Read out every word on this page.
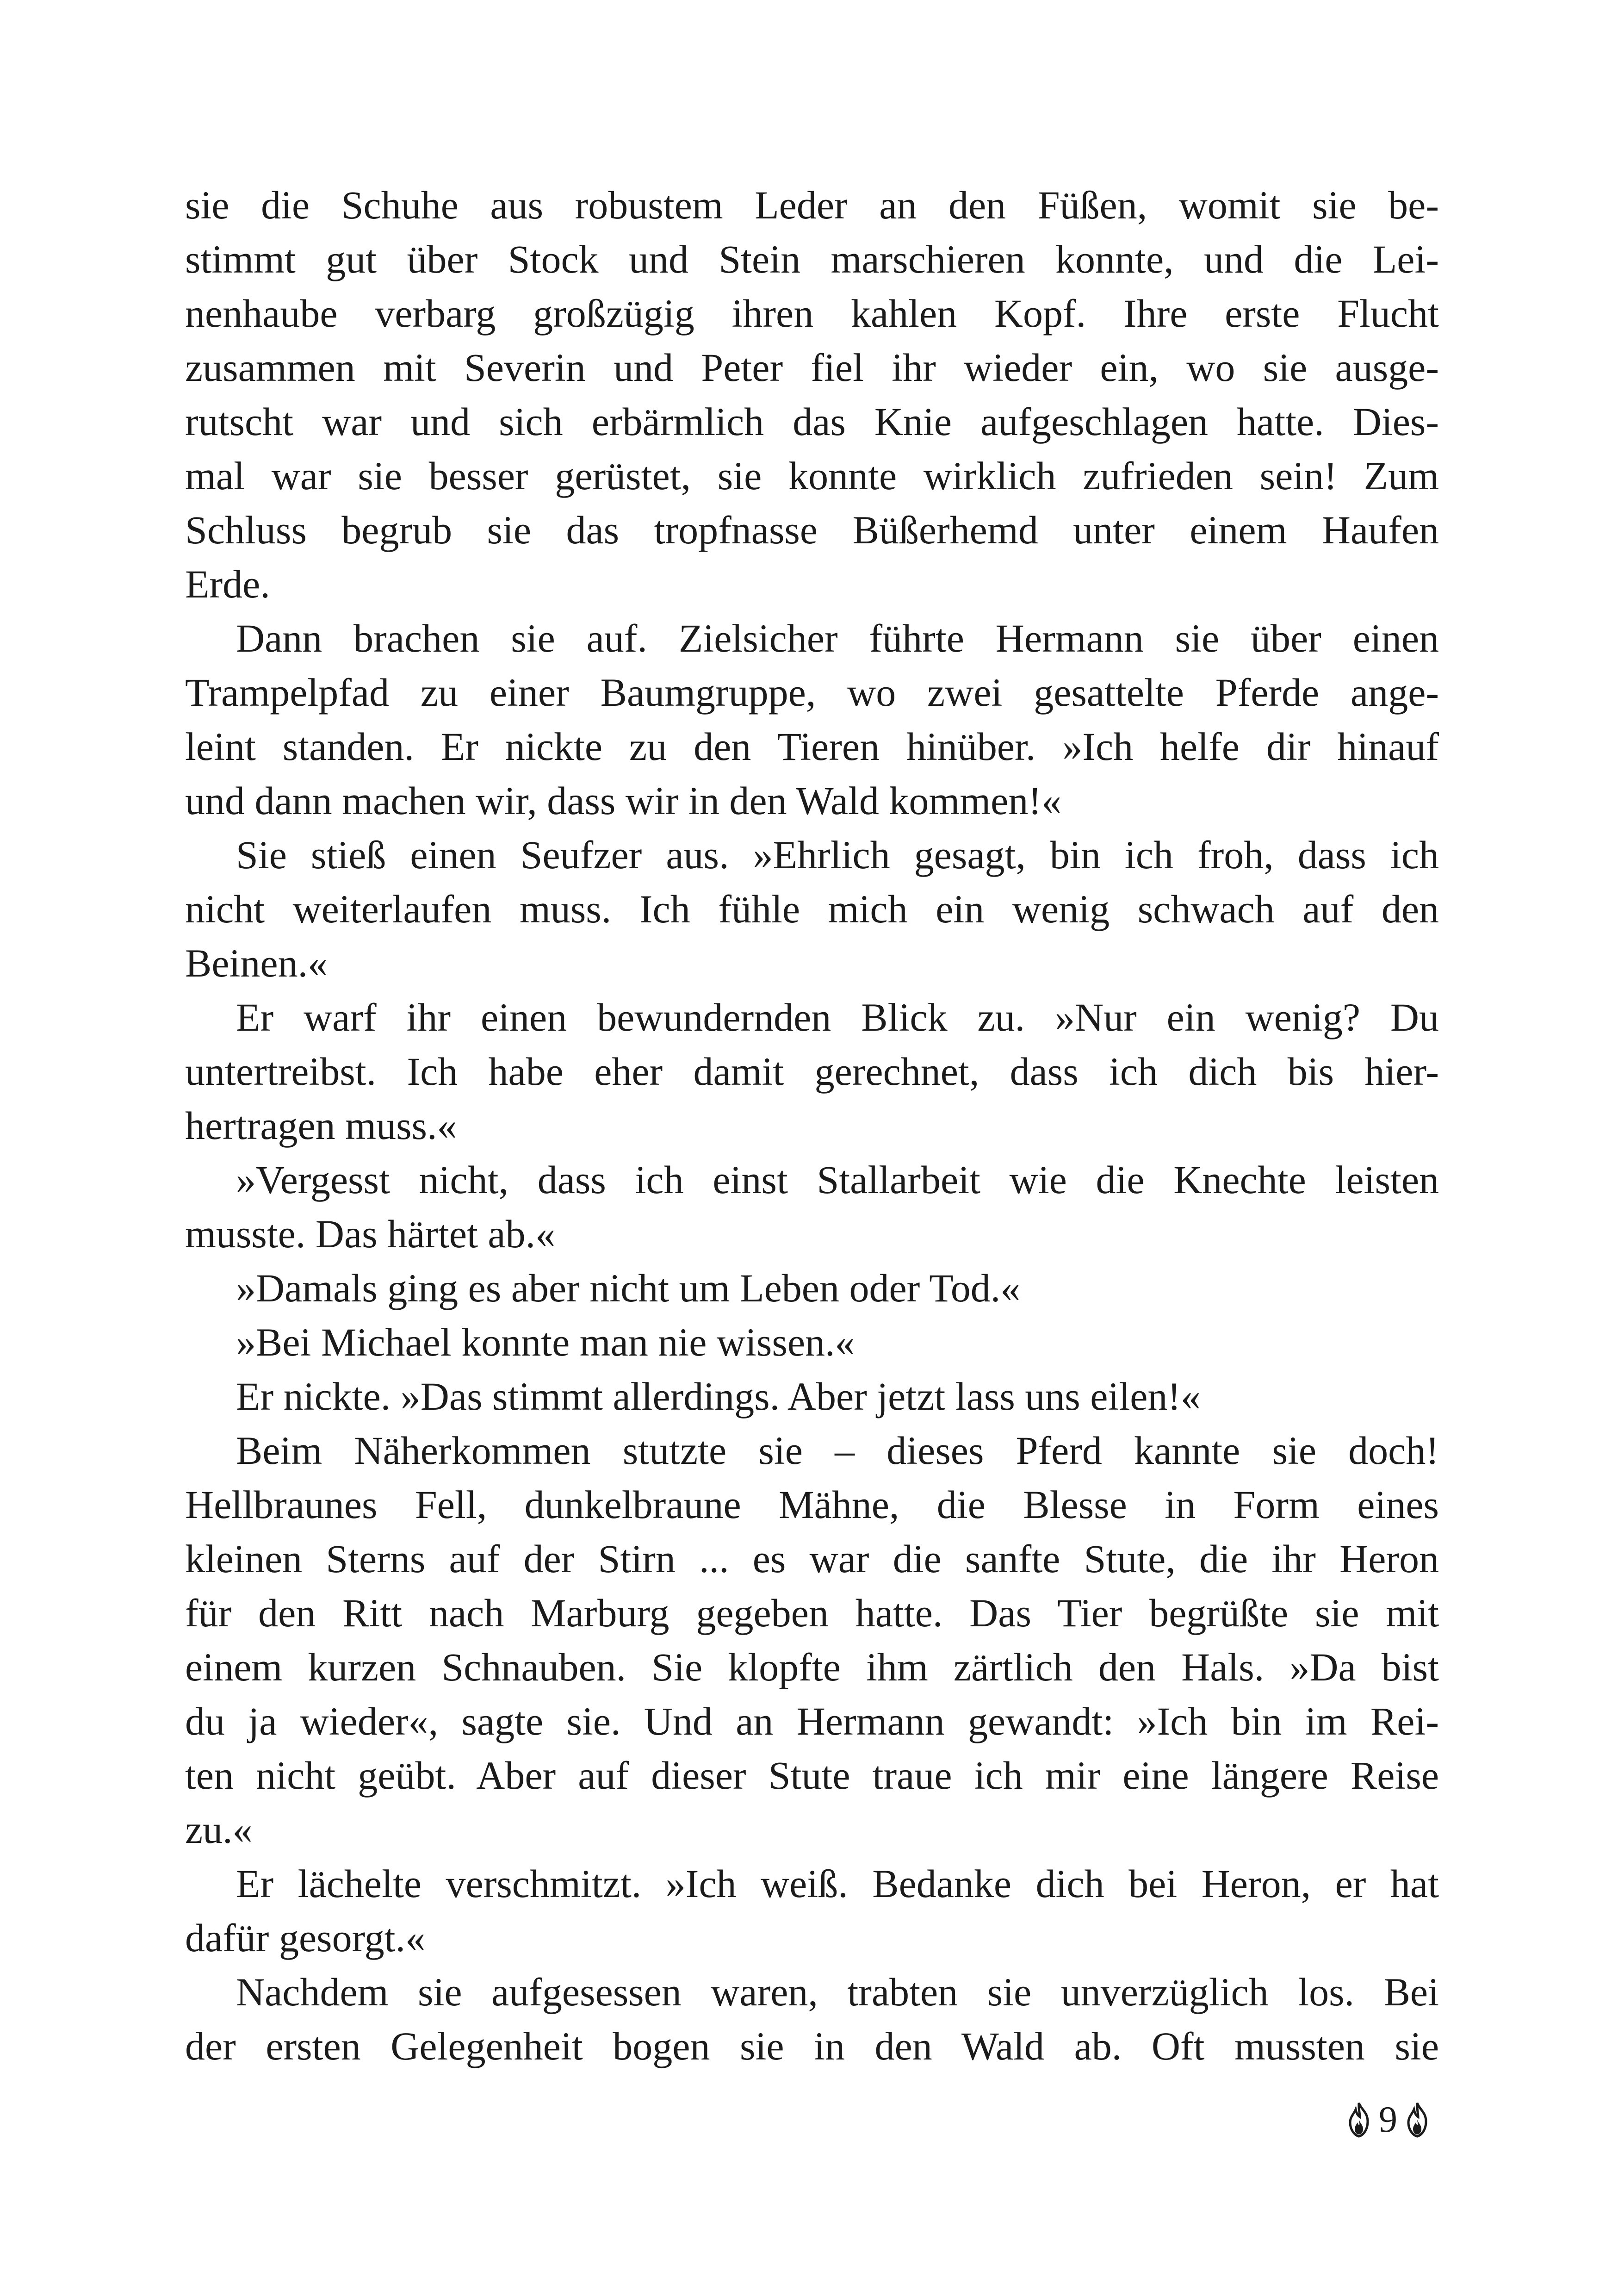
sie die Schuhe aus robustem Leder an den Füßen, womit sie be-
stimmt gut über Stock und Stein marschieren konnte, und die Lei-
nenhaube verbarg großzügig ihren kahlen Kopf. Ihre erste Flucht
zusammen mit Severin und Peter fiel ihr wieder ein, wo sie ausge-
rutscht war und sich erbärmlich das Knie aufgeschlagen hatte. Dies-
mal war sie besser gerüstet, sie konnte wirklich zufrieden sein! Zum
Schluss begrub sie das tropfnasse Büßerhemd unter einem Haufen
Erde.
Dann brachen sie auf. Zielsicher führte Hermann sie über einen
Trampelpfad zu einer Baumgruppe, wo zwei gesattelte Pferde ange-
leint standen. Er nickte zu den Tieren hinüber. »Ich helfe dir hinauf
und dann machen wir, dass wir in den Wald kommen!«
Sie stieß einen Seufzer aus. »Ehrlich gesagt, bin ich froh, dass ich
nicht weiterlaufen muss. Ich fühle mich ein wenig schwach auf den
Beinen.«
Er warf ihr einen bewundernden Blick zu. »Nur ein wenig? Du
untertreibst. Ich habe eher damit gerechnet, dass ich dich bis hier-
hertragen muss.«
»Vergesst nicht, dass ich einst Stallarbeit wie die Knechte leisten
musste. Das härtet ab.«
»Damals ging es aber nicht um Leben oder Tod.«
»Bei Michael konnte man nie wissen.«
Er nickte. »Das stimmt allerdings. Aber jetzt lass uns eilen!«
Beim Näherkommen stutzte sie – dieses Pferd kannte sie doch!
Hellbraunes Fell, dunkelbraune Mähne, die Blesse in Form eines
kleinen Sterns auf der Stirn ... es war die sanfte Stute, die ihr Heron
für den Ritt nach Marburg gegeben hatte. Das Tier begrüßte sie mit
einem kurzen Schnauben. Sie klopfte ihm zärtlich den Hals. »Da bist
du ja wieder«, sagte sie. Und an Hermann gewandt: »Ich bin im Rei-
ten nicht geübt. Aber auf dieser Stute traue ich mir eine längere Reise
zu.«
Er lächelte verschmitzt. »Ich weiß. Bedanke dich bei Heron, er hat
dafür gesorgt.«
Nachdem sie aufgesessen waren, trabten sie unverzüglich los. Bei
der ersten Gelegenheit bogen sie in den Wald ab. Oft mussten sie
9
